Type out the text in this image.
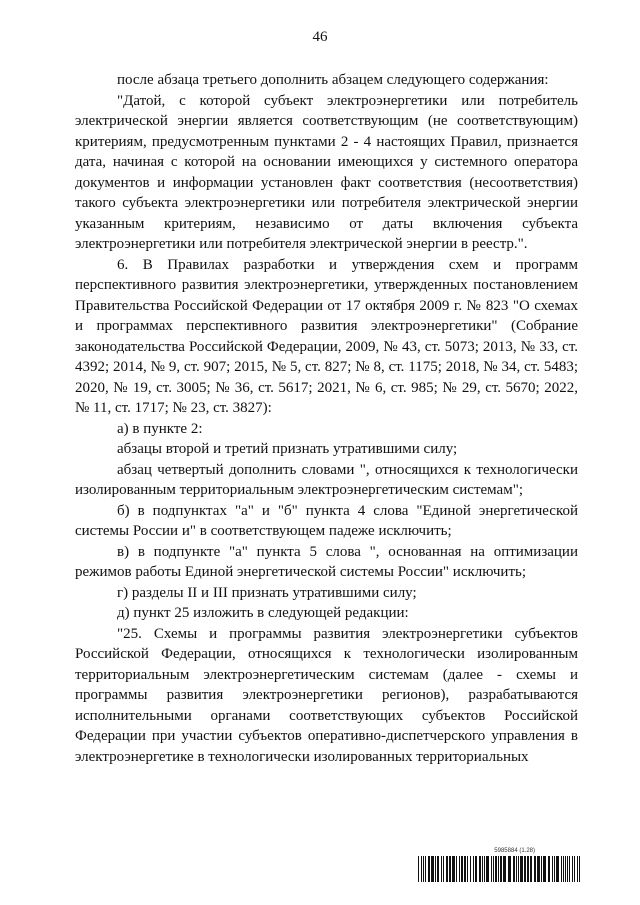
46

после абзаца третьего дополнить абзацем следующего содержания:

"Датой, с которой субъект электроэнергетики или потребитель электрической энергии является соответствующим (не соответствующим) критериям, предусмотренным пунктами 2 - 4 настоящих Правил, признается дата, начиная с которой на основании имеющихся у системного оператора документов и информации установлен факт соответствия (несоответствия) такого субъекта электроэнергетики или потребителя электрической энергии указанным критериям, независимо от даты включения субъекта электроэнергетики или потребителя электрической энергии в реестр.".

6. В Правилах разработки и утверждения схем и программ перспективного развития электроэнергетики, утвержденных постановлением Правительства Российской Федерации от 17 октября 2009 г. № 823 "О схемах и программах перспективного развития электроэнергетики" (Собрание законодательства Российской Федерации, 2009, № 43, ст. 5073; 2013, № 33, ст. 4392; 2014, № 9, ст. 907; 2015, № 5, ст. 827; № 8, ст. 1175; 2018, № 34, ст. 5483; 2020, № 19, ст. 3005; № 36, ст. 5617; 2021, № 6, ст. 985; № 29, ст. 5670; 2022, № 11, ст. 1717; № 23, ст. 3827):

а) в пункте 2:

абзацы второй и третий признать утратившими силу;

абзац четвертый дополнить словами ", относящихся к технологически изолированным территориальным электроэнергетическим системам";

б) в подпунктах "а" и "б" пункта 4 слова "Единой энергетической системы России и" в соответствующем падеже исключить;

в) в подпункте "а" пункта 5 слова ", основанная на оптимизации режимов работы Единой энергетической системы России" исключить;

г) разделы II и III признать утратившими силу;

д) пункт 25 изложить в следующей редакции:

"25. Схемы и программы развития электроэнергетики субъектов Российской Федерации, относящихся к технологически изолированным территориальным электроэнергетическим системам (далее - схемы и программы развития электроэнергетики регионов), разрабатываются исполнительными органами соответствующих субъектов Российской Федерации при участии субъектов оперативно-диспетчерского управления в электроэнергетике в технологически изолированных территориальных

5985884 (1.28)
